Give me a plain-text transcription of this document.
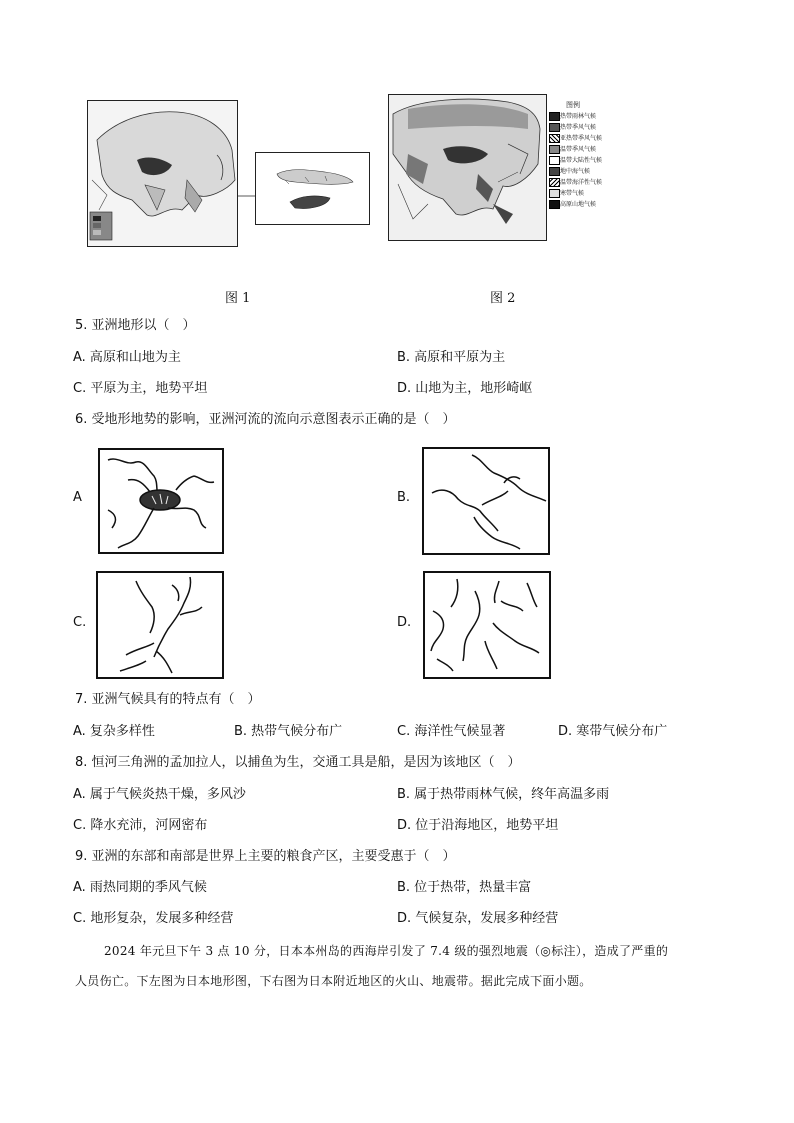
图 1
图例
热带雨林气候
热带季风气候
亚热带季风气候
温带季风气候
温带大陆性气候
地中海气候
温带海洋性气候
寒带气候
高原山地气候
图 2
5. 亚洲地形以（　）
A. 高原和山地为主	B. 高原和平原为主
C. 平原为主，地势平坦	D. 山地为主，地形崎岖
6. 受地形地势的影响，亚洲河流的流向示意图表示正确的是（　）
A	B.
C.	D.
7. 亚洲气候具有的特点有（　）
A. 复杂多样性	B. 热带气候分布广	C. 海洋性气候显著	D. 寒带气候分布广
8. 恒河三角洲的孟加拉人，以捕鱼为生，交通工具是船，是因为该地区（　）
A. 属于气候炎热干燥，多风沙	B. 属于热带雨林气候，终年高温多雨
C. 降水充沛，河网密布	D. 位于沿海地区，地势平坦
9. 亚洲的东部和南部是世界上主要的粮食产区，主要受惠于（　）
A. 雨热同期的季风气候	B. 位于热带，热量丰富
C. 地形复杂，发展多种经营	D. 气候复杂，发展多种经营
2024 年元旦下午 3 点 10 分，日本本州岛的西海岸引发了 7.4 级的强烈地震（◎标注），造成了严重的
人员伤亡。下左图为日本地形图，下右图为日本附近地区的火山、地震带。据此完成下面小题。
